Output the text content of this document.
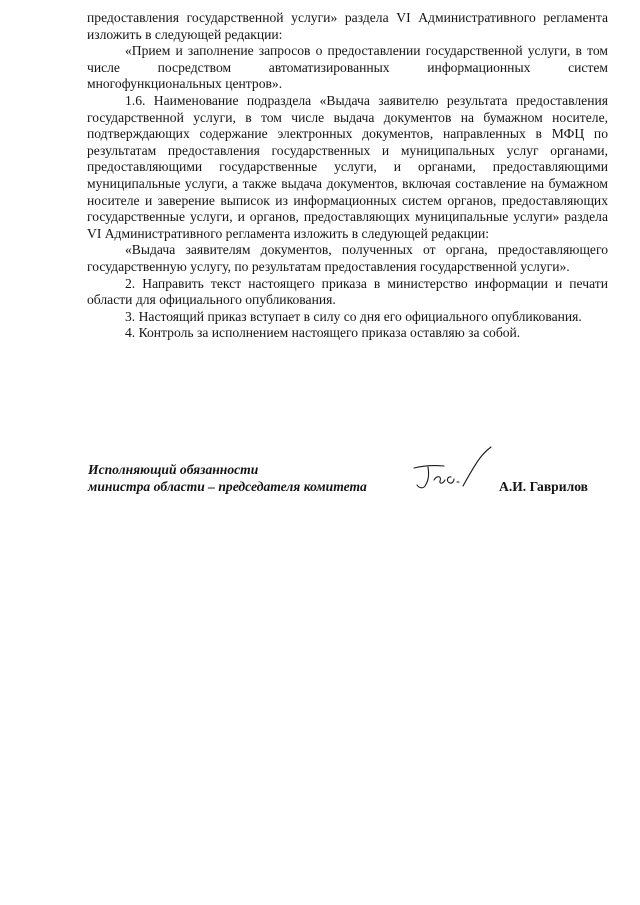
предоставления государственной услуги» раздела VI Административного регламента изложить в следующей редакции:

«Прием и заполнение запросов о предоставлении государственной услуги, в том числе посредством автоматизированных информационных систем многофункциональных центров».

1.6. Наименование подраздела «Выдача заявителю результата предоставления государственной услуги, в том числе выдача документов на бумажном носителе, подтверждающих содержание электронных документов, направленных в МФЦ по результатам предоставления государственных и муниципальных услуг органами, предоставляющими государственные услуги, и органами, предоставляющими муниципальные услуги, а также выдача документов, включая составление на бумажном носителе и заверение выписок из информационных систем органов, предоставляющих государственные услуги, и органов, предоставляющих муниципальные услуги» раздела VI Административного регламента изложить в следующей редакции:

«Выдача заявителям документов, полученных от органа, предоставляющего государственную услугу, по результатам предоставления государственной услуги».

2. Направить текст настоящего приказа в министерство информации и печати области для официального опубликования.

3. Настоящий приказ вступает в силу со дня его официального опубликования.

4. Контроль за исполнением настоящего приказа оставляю за собой.

Исполняющий обязанности
министра области – председателя комитета	А.И. Гаврилов
